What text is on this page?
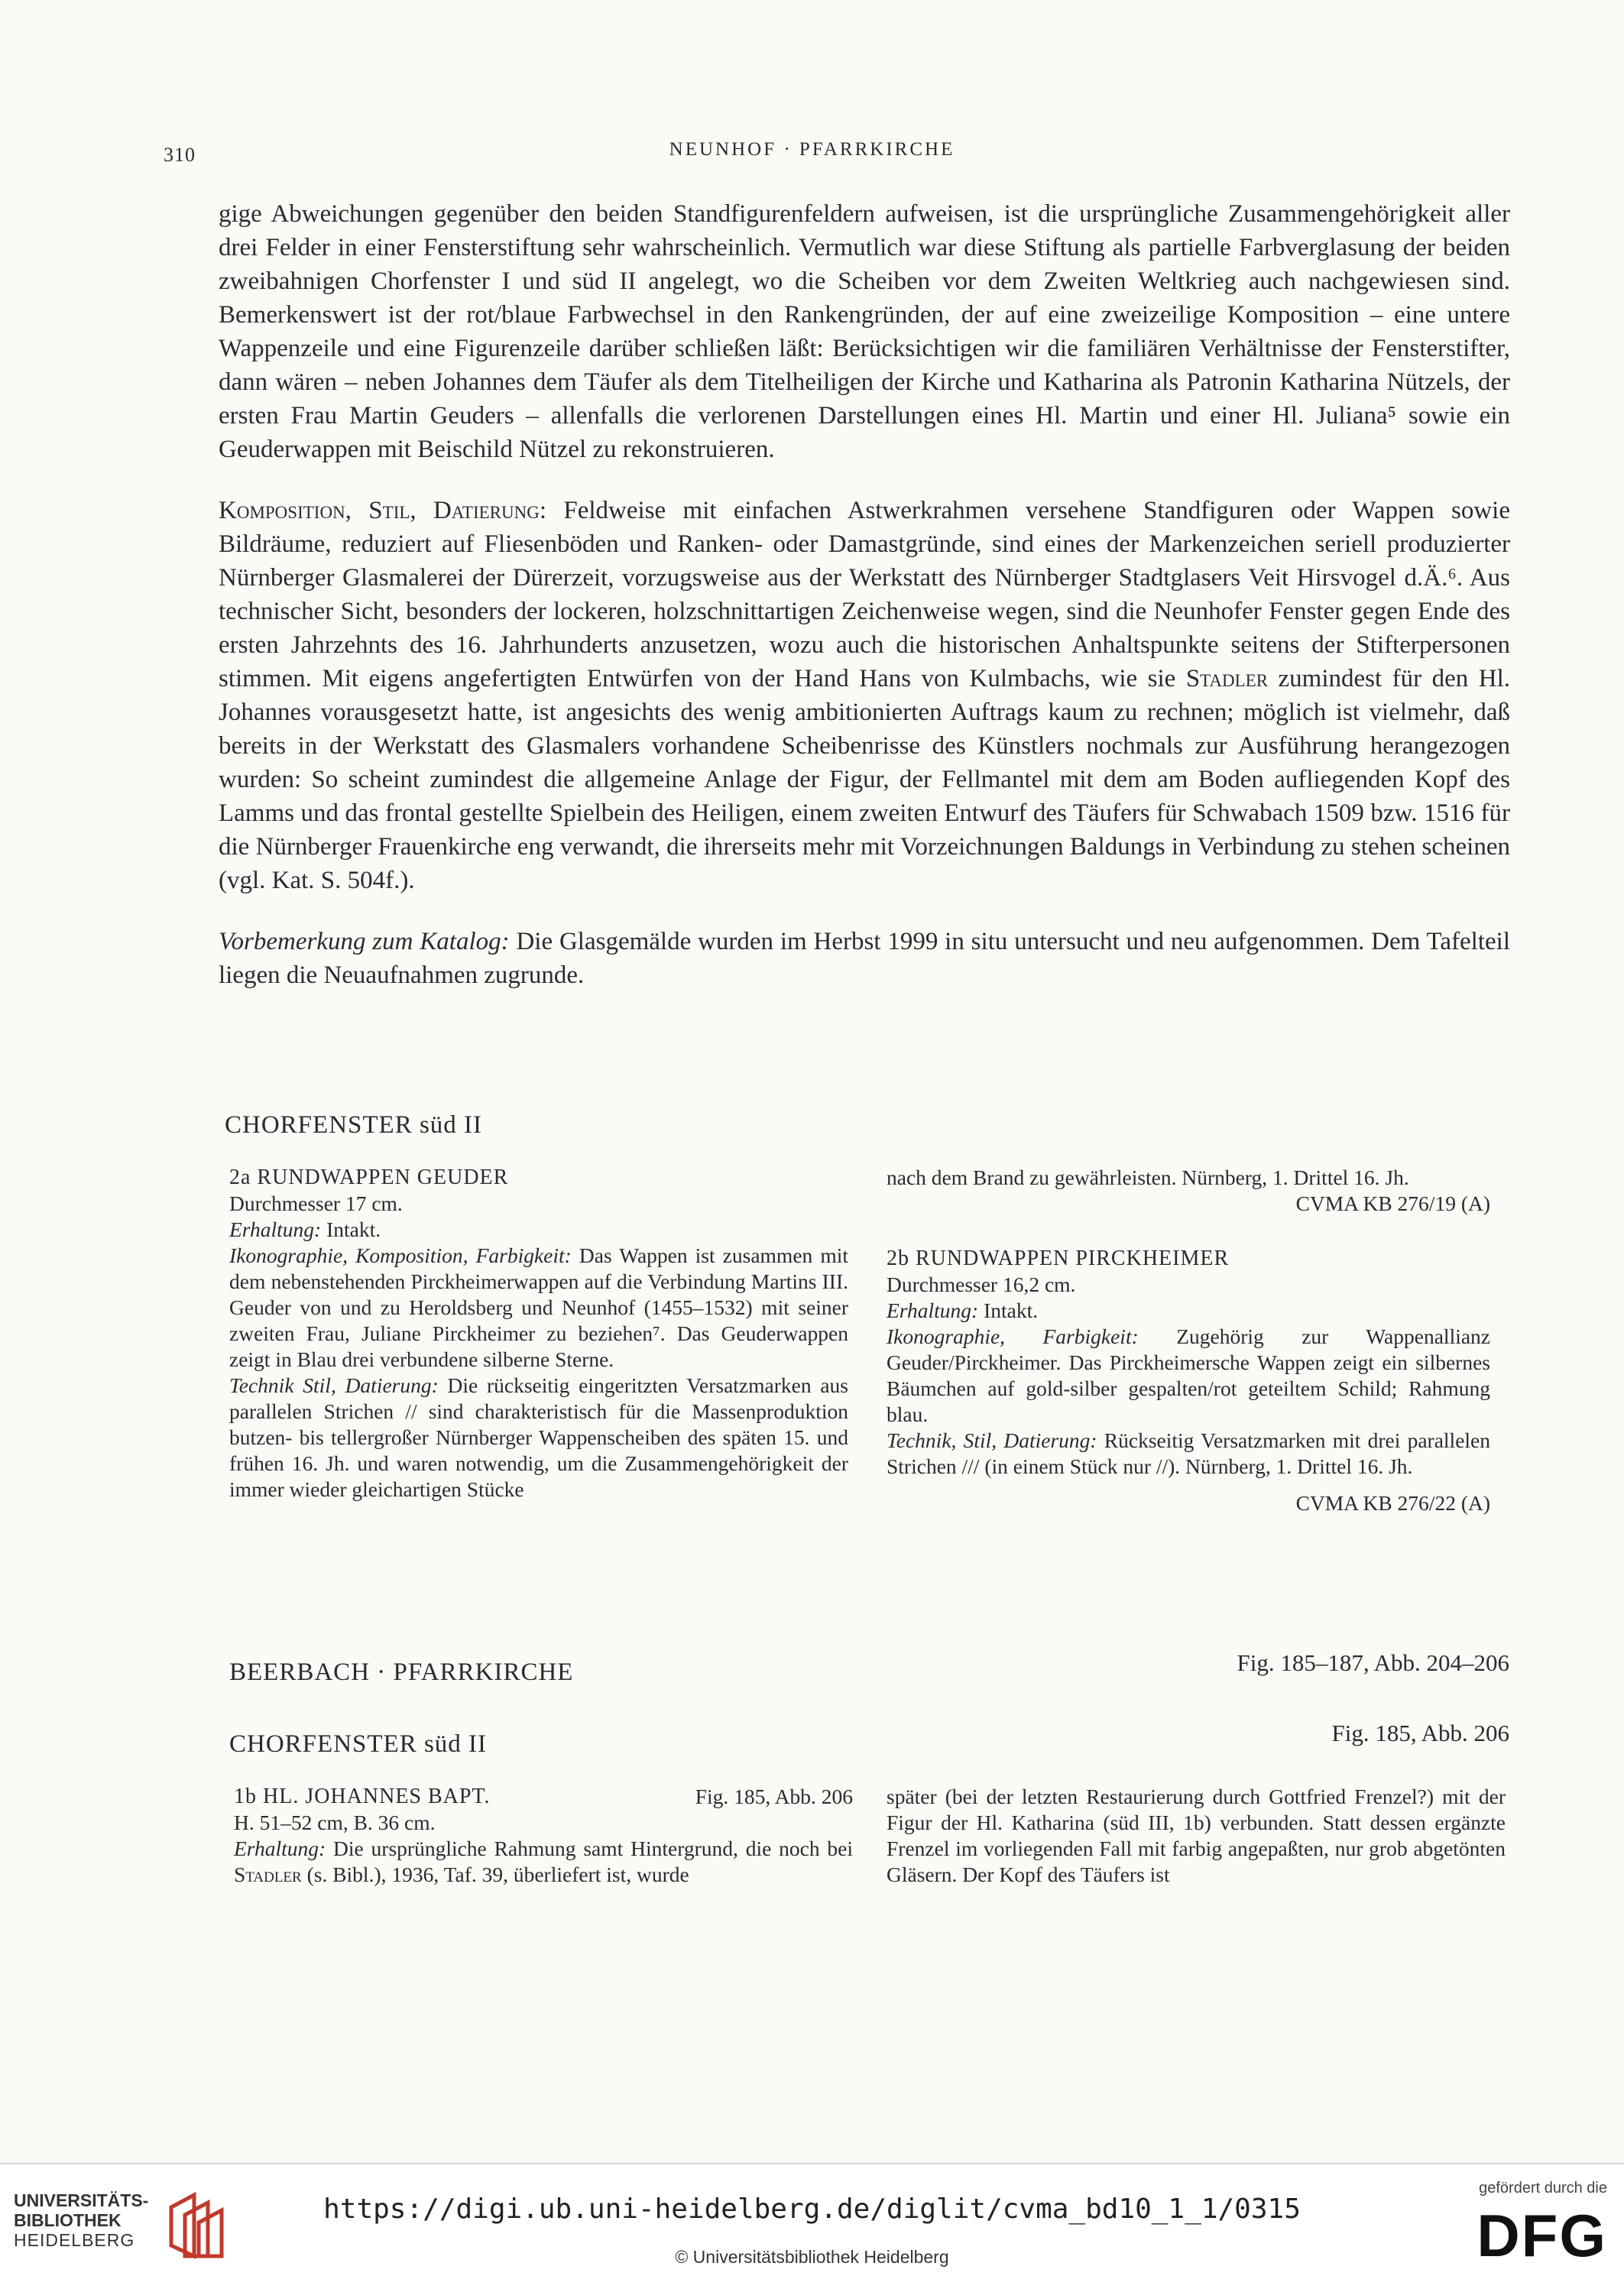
310	NEUNHOF · PFARRKIRCHE

gige Abweichungen gegenüber den beiden Standfigurenfeldern aufweisen, ist die ursprüngliche Zusammengehörigkeit aller drei Felder in einer Fensterstiftung sehr wahrscheinlich. Vermutlich war diese Stiftung als partielle Farbverglasung der beiden zweibahnigen Chorfenster I und süd II angelegt, wo die Scheiben vor dem Zweiten Weltkrieg auch nachgewiesen sind. Bemerkenswert ist der rot/blaue Farbwechsel in den Rankengründen, der auf eine zweizeilige Komposition – eine untere Wappenzeile und eine Figurenzeile darüber schließen läßt: Berücksichtigen wir die familiären Verhältnisse der Fensterstifter, dann wären – neben Johannes dem Täufer als dem Titelheiligen der Kirche und Katharina als Patronin Katharina Nützels, der ersten Frau Martin Geuders – allenfalls die verlorenen Darstellungen eines Hl. Martin und einer Hl. Juliana⁵ sowie ein Geuderwappen mit Beischild Nützel zu rekonstruieren.

Komposition, Stil, Datierung: Feldweise mit einfachen Astwerkrahmen versehene Standfiguren oder Wappen sowie Bildräume, reduziert auf Fliesenböden und Ranken- oder Damastgründe, sind eines der Markenzeichen seriell produzierter Nürnberger Glasmalerei der Dürerzeit, vorzugsweise aus der Werkstatt des Nürnberger Stadtglasers Veit Hirsvogel d.Ä.⁶. Aus technischer Sicht, besonders der lockeren, holzschnittartigen Zeichenweise wegen, sind die Neunhofer Fenster gegen Ende des ersten Jahrzehnts des 16. Jahrhunderts anzusetzen, wozu auch die historischen Anhaltspunkte seitens der Stifterpersonen stimmen. Mit eigens angefertigten Entwürfen von der Hand Hans von Kulmbachs, wie sie Stadler zumindest für den Hl. Johannes vorausgesetzt hatte, ist angesichts des wenig ambitionierten Auftrags kaum zu rechnen; möglich ist vielmehr, daß bereits in der Werkstatt des Glasmalers vorhandene Scheibenrisse des Künstlers nochmals zur Ausführung herangezogen wurden: So scheint zumindest die allgemeine Anlage der Figur, der Fellmantel mit dem am Boden aufliegenden Kopf des Lamms und das frontal gestellte Spielbein des Heiligen, einem zweiten Entwurf des Täufers für Schwabach 1509 bzw. 1516 für die Nürnberger Frauenkirche eng verwandt, die ihrerseits mehr mit Vorzeichnungen Baldungs in Verbindung zu stehen scheinen (vgl. Kat. S. 504f.).

Vorbemerkung zum Katalog: Die Glasgemälde wurden im Herbst 1999 in situ untersucht und neu aufgenommen. Dem Tafelteil liegen die Neuaufnahmen zugrunde.

CHORFENSTER süd II

2a RUNDWAPPEN GEUDER

Durchmesser 17 cm.

Erhaltung: Intakt.

Ikonographie, Komposition, Farbigkeit: Das Wappen ist zusammen mit dem nebenstehenden Pirckheimerwappen auf die Verbindung Martins III. Geuder von und zu Heroldsberg und Neunhof (1455–1532) mit seiner zweiten Frau, Juliane Pirckheimer zu beziehen⁷. Das Geuderwappen zeigt in Blau drei verbundene silberne Sterne.

Technik Stil, Datierung: Die rückseitig eingeritzten Versatzmarken aus parallelen Strichen // sind charakteristisch für die Massenproduktion butzen- bis tellergroßer Nürnberger Wappenscheiben des späten 15. und frühen 16. Jh. und waren notwendig, um die Zusammengehörigkeit der immer wieder gleichartigen Stücke

nach dem Brand zu gewährleisten. Nürnberg, 1. Drittel 16. Jh.

CVMA KB 276/19 (A)

2b RUNDWAPPEN PIRCKHEIMER

Durchmesser 16,2 cm.

Erhaltung: Intakt.

Ikonographie, Farbigkeit: Zugehörig zur Wappenallianz Geuder/Pirckheimer. Das Pirckheimersche Wappen zeigt ein silbernes Bäumchen auf gold-silber gespalten/rot geteiltem Schild; Rahmung blau.

Technik, Stil, Datierung: Rückseitig Versatzmarken mit drei parallelen Strichen /// (in einem Stück nur //). Nürnberg, 1. Drittel 16. Jh.

CVMA KB 276/22 (A)

BEERBACH · PFARRKIRCHE	Fig. 185–187, Abb. 204–206
CHORFENSTER süd II	Fig. 185, Abb. 206
1b HL. JOHANNES BAPT.	Fig. 185, Abb. 206

H. 51–52 cm, B. 36 cm.

Erhaltung: Die ursprüngliche Rahmung samt Hintergrund, die noch bei Stadler (s. Bibl.), 1936, Taf. 39, überliefert ist, wurde

später (bei der letzten Restaurierung durch Gottfried Frenzel?) mit der Figur der Hl. Katharina (süd III, 1b) verbunden. Statt dessen ergänzte Frenzel im vorliegenden Fall mit farbig angepaßten, nur grob abgetönten Gläsern. Der Kopf des Täufers ist

UNIVERSITÄTS-
BIBLIOTHEK
HEIDELBERG
https://digi.ub.uni-heidelberg.de/diglit/cvma_bd10_1_1/0315
© Universitätsbibliothek Heidelberg
gefördert durch die
DFG
